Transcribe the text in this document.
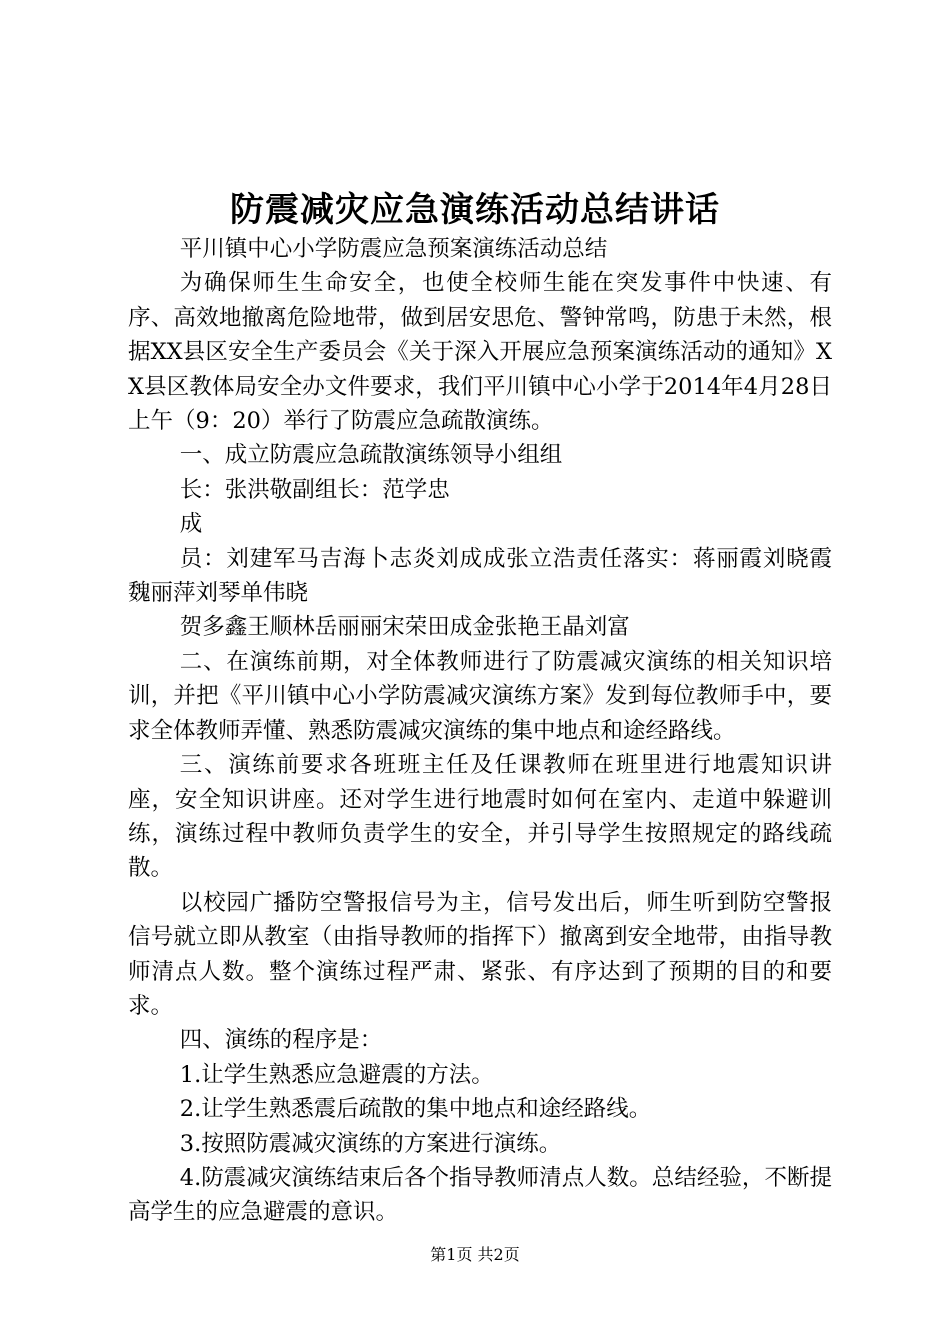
防震减灾应急演练活动总结讲话

平川镇中心小学防震应急预案演练活动总结

为确保师生生命安全，也使全校师生能在突发事件中快速、有序、高效地撤离危险地带，做到居安思危、警钟常鸣，防患于未然，根据XX县区安全生产委员会《关于深入开展应急预案演练活动的通知》XX县区教体局安全办文件要求，我们平川镇中心小学于2014年4月28日上午（9：20）举行了防震应急疏散演练。

一、成立防震应急疏散演练领导小组组

长：张洪敬副组长：范学忠

成

员：刘建军马吉海卜志炎刘成成张立浩责任落实：蒋丽霞刘晓霞魏丽萍刘琴单伟晓

贺多鑫王顺林岳丽丽宋荣田成金张艳王晶刘富

二、在演练前期，对全体教师进行了防震减灾演练的相关知识培训，并把《平川镇中心小学防震减灾演练方案》发到每位教师手中，要求全体教师弄懂、熟悉防震减灾演练的集中地点和途经路线。

三、演练前要求各班班主任及任课教师在班里进行地震知识讲座，安全知识讲座。还对学生进行地震时如何在室内、走道中躲避训练，演练过程中教师负责学生的安全，并引导学生按照规定的路线疏散。

以校园广播防空警报信号为主，信号发出后，师生听到防空警报信号就立即从教室（由指导教师的指挥下）撤离到安全地带，由指导教师清点人数。整个演练过程严肃、紧张、有序达到了预期的目的和要求。

四、演练的程序是：

1.让学生熟悉应急避震的方法。

2.让学生熟悉震后疏散的集中地点和途经路线。

3.按照防震减灾演练的方案进行演练。

4.防震减灾演练结束后各个指导教师清点人数。总结经验，不断提高学生的应急避震的意识。

第1页 共2页
